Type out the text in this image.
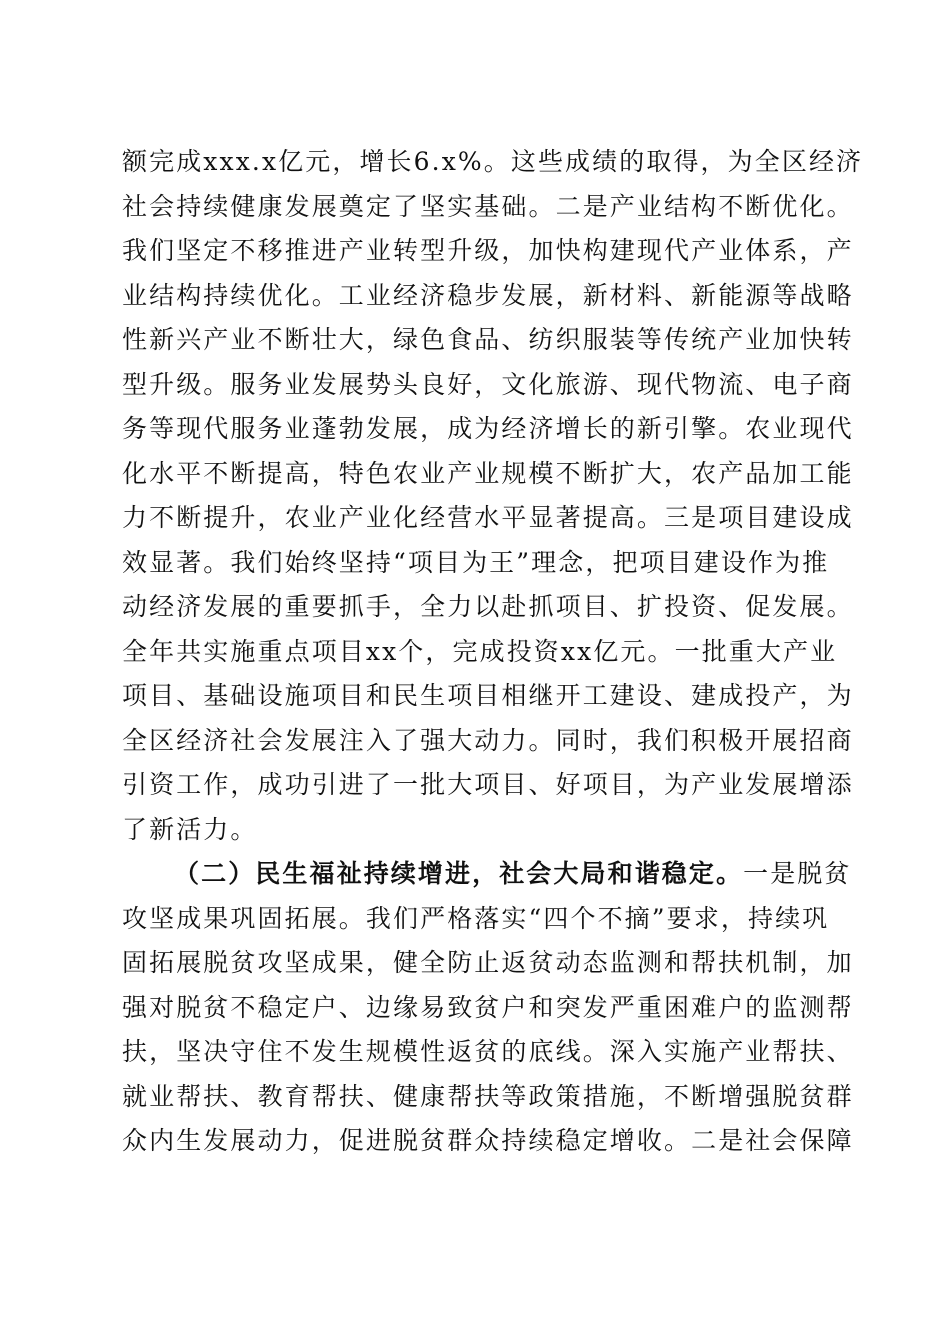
额完成xxx.x亿元，增长6.x%。这些成绩的取得，为全区经济
社会持续健康发展奠定了坚实基础。二是产业结构不断优化。
我们坚定不移推进产业转型升级，加快构建现代产业体系，产
业结构持续优化。工业经济稳步发展，新材料、新能源等战略
性新兴产业不断壮大，绿色食品、纺织服装等传统产业加快转
型升级。服务业发展势头良好，文化旅游、现代物流、电子商
务等现代服务业蓬勃发展，成为经济增长的新引擎。农业现代
化水平不断提高，特色农业产业规模不断扩大，农产品加工能
力不断提升，农业产业化经营水平显著提高。三是项目建设成
效显著。我们始终坚持“项目为王”理念，把项目建设作为推
动经济发展的重要抓手，全力以赴抓项目、扩投资、促发展。
全年共实施重点项目xx个，完成投资xx亿元。一批重大产业
项目、基础设施项目和民生项目相继开工建设、建成投产，为
全区经济社会发展注入了强大动力。同时，我们积极开展招商
引资工作，成功引进了一批大项目、好项目，为产业发展增添
了新活力。
（二）民生福祉持续增进，社会大局和谐稳定。一是脱贫
攻坚成果巩固拓展。我们严格落实“四个不摘”要求，持续巩
固拓展脱贫攻坚成果，健全防止返贫动态监测和帮扶机制，加
强对脱贫不稳定户、边缘易致贫户和突发严重困难户的监测帮
扶，坚决守住不发生规模性返贫的底线。深入实施产业帮扶、
就业帮扶、教育帮扶、健康帮扶等政策措施，不断增强脱贫群
众内生发展动力，促进脱贫群众持续稳定增收。二是社会保障
